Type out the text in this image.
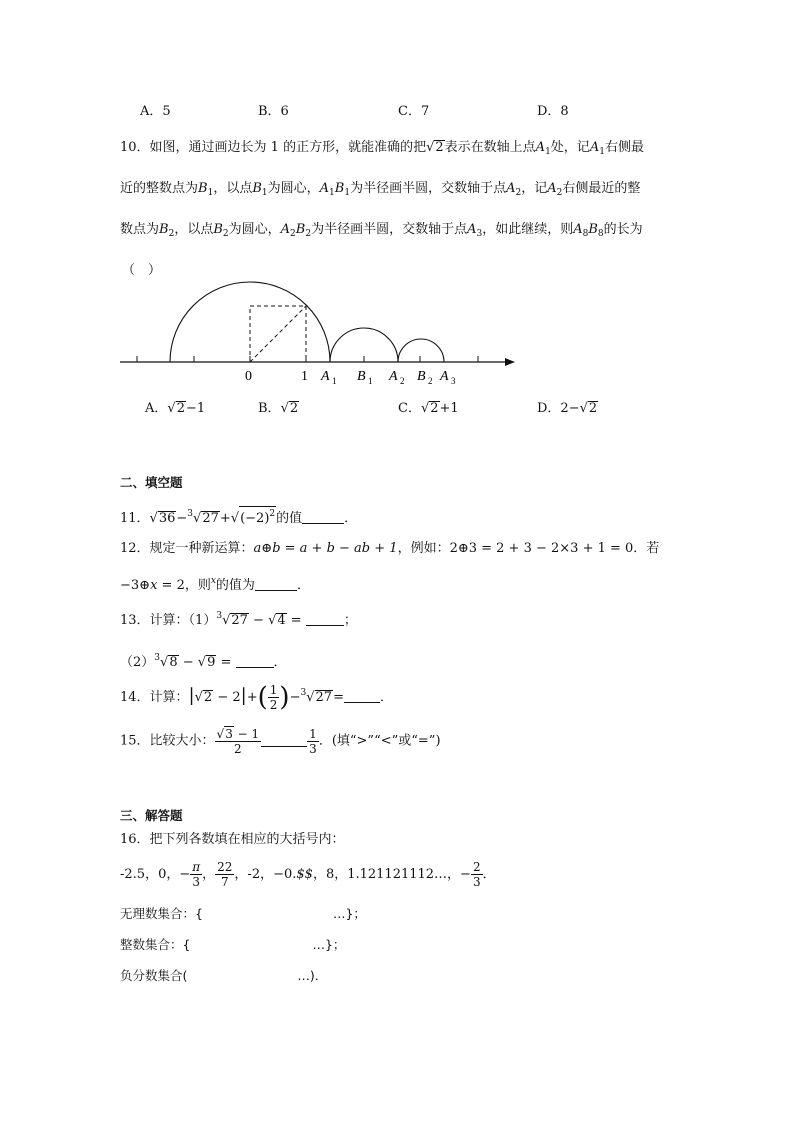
A．5	B．6	C．7	D．8
10．如图，通过画边长为 1 的正方形，就能准确的把√2表示在数轴上点$A_1$处，记$A_1$右侧最
近的整数点为$B_1$，以点$B_1$为圆心，$A_1B_1$为半径画半圆，交数轴于点$A_2$，记$A_2$右侧最近的整
数点为$B_2$，以点$B_2$为圆心，$A_2B_2$为半径画半圆，交数轴于点$A_3$，如此继续，则$A_8B_8$的长为
（　）
0	1 A 1 B 1 A 2 B 2 A 3
A．√2−1	B．√2	C．√2+1	D．2−√2
二、填空题
11．$√36-^3√27+√(-2)^2$的值	．
12．规定一种新运算：a⊕b = a + b − ab + 1，例如：2⊕3 = 2 + 3 − 2×3 + 1 = 0．若
−3⊕x = 2，则$^x$的值为	．
13．计算：$(1)^3√27 - √4$ =	；
$(2)^3√8 - √9$ =	．
14．计算：$|√2 - 2|+( \frac{1}{2} )-^3√27=$	．
15．比较大小： $\frac{√3 - 1}{2}$	$\frac{1}{3}$ ．(填“>”“<”或“=”)
三、解答题
16．把下列各数填在相应的大括号内：
-2.5，0，− $\frac{\pi}{3}$ ， $\frac{22}{7}$ ，-2，−0.$$，8，1.121121112…，− $\frac{2}{3}$ ．
无理数集合：{	…}；
整数集合：{	…}；
负分数集合(	…)．
